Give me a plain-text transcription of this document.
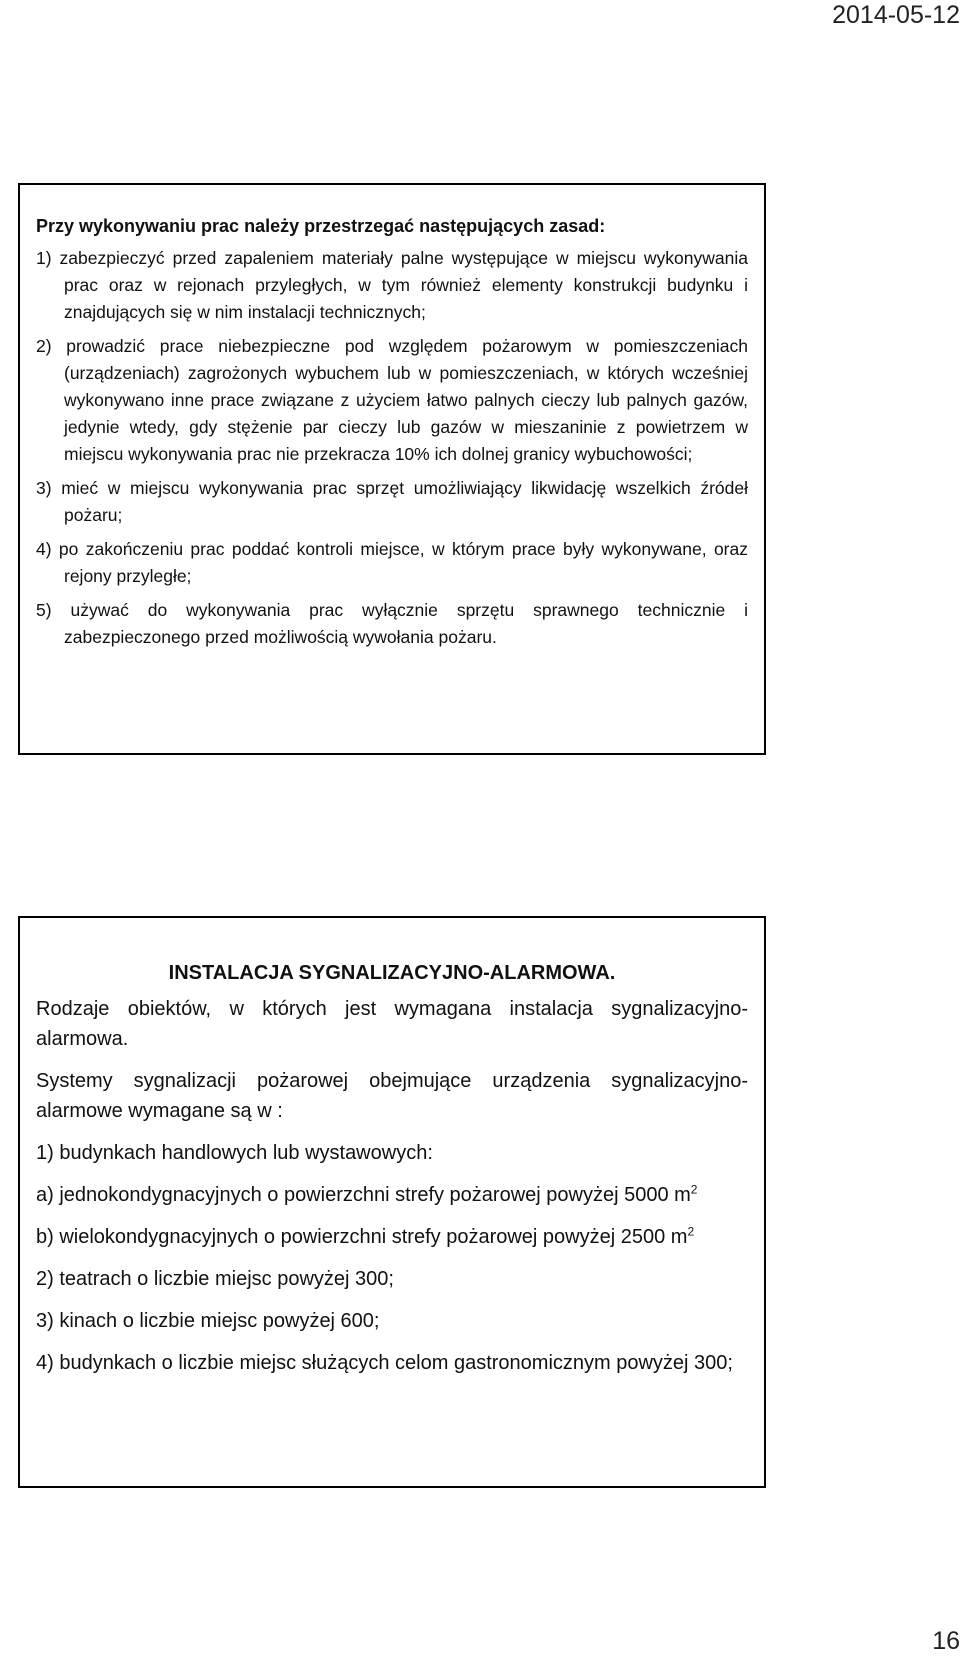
2014-05-12
Przy wykonywaniu prac należy przestrzegać następujących zasad:
1) zabezpieczyć przed zapaleniem materiały palne występujące w miejscu wykonywania prac oraz w rejonach przyległych, w tym również elementy konstrukcji budynku i znajdujących się w nim instalacji technicznych;
2) prowadzić prace niebezpieczne pod względem pożarowym w pomieszczeniach (urządzeniach) zagrożonych wybuchem lub w pomieszczeniach, w których wcześniej wykonywano inne prace związane z użyciem łatwo palnych cieczy lub palnych gazów, jedynie wtedy, gdy stężenie par cieczy lub gazów w mieszaninie z powietrzem w miejscu wykonywania prac nie przekracza 10% ich dolnej granicy wybuchowości;
3) mieć w miejscu wykonywania prac sprzęt umożliwiający likwidację wszelkich źródeł pożaru;
4) po zakończeniu prac poddać kontroli miejsce, w którym prace były wykonywane, oraz rejony przyległe;
5) używać do wykonywania prac wyłącznie sprzętu sprawnego technicznie i zabezpieczonego przed możliwością wywołania pożaru.
INSTALACJA SYGNALIZACYJNO-ALARMOWA.
Rodzaje obiektów, w których jest wymagana instalacja sygnalizacyjno-alarmowa.
Systemy sygnalizacji pożarowej obejmujące urządzenia sygnalizacyjno-alarmowe wymagane są w :
1) budynkach handlowych lub wystawowych:
a) jednokondygnacyjnych o powierzchni strefy pożarowej powyżej 5000 $m^2$
b) wielokondygnacyjnych o powierzchni strefy pożarowej powyżej 2500 $m^2$
2) teatrach o liczbie miejsc powyżej 300;
3) kinach o liczbie miejsc powyżej 600;
4) budynkach o liczbie miejsc służących celom gastronomicznym powyżej 300;
16
